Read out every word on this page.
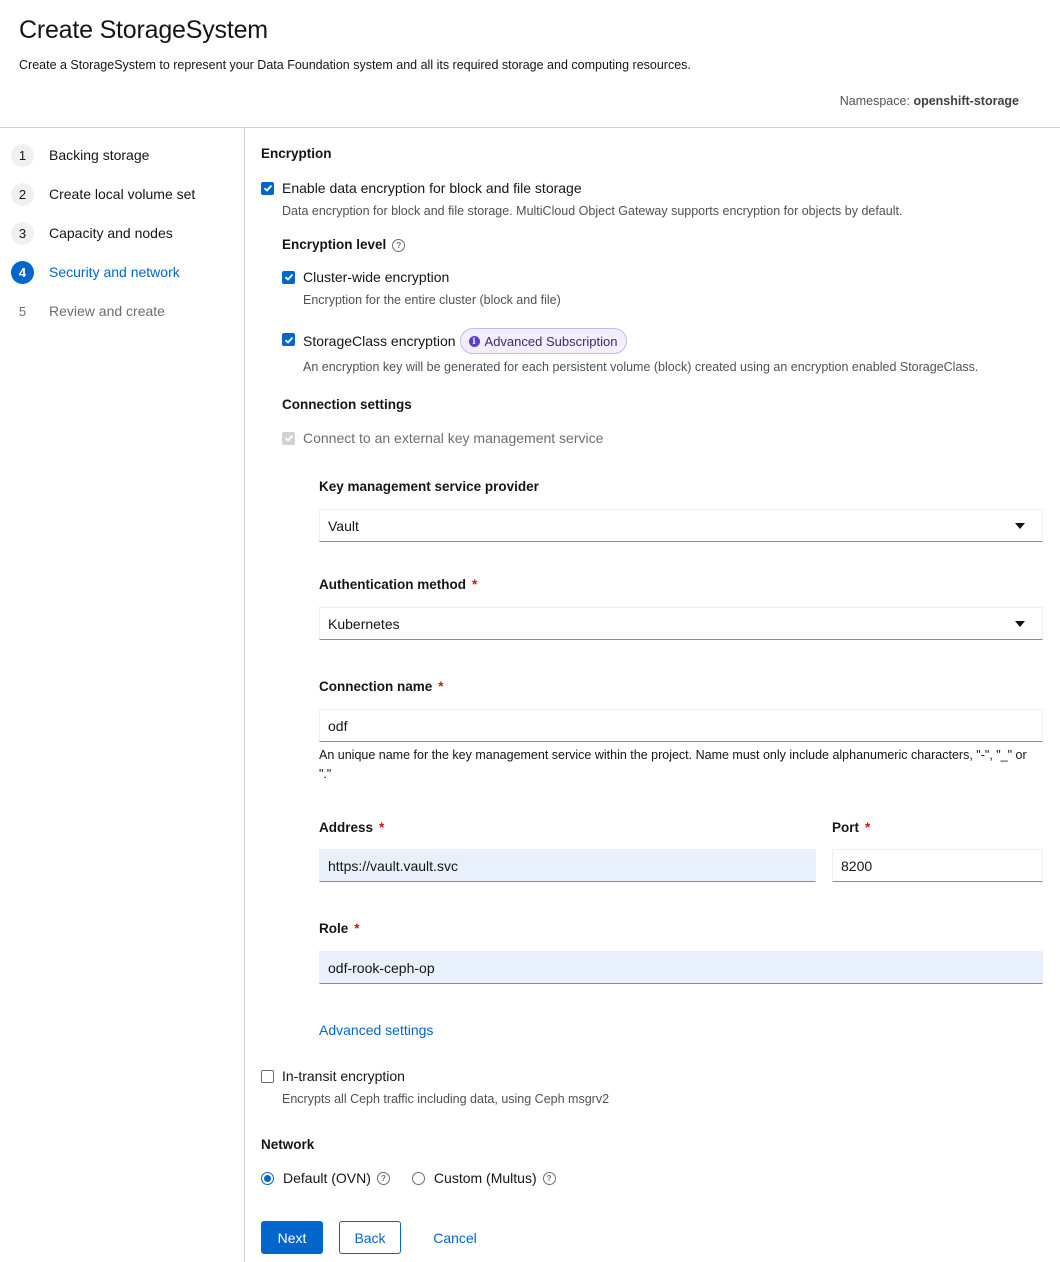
Create StorageSystem
Create a StorageSystem to represent your Data Foundation system and all its required storage and computing resources.
Namespace: openshift-storage
1	Backing storage
2	Create local volume set
3	Capacity and nodes
4	Security and network
5	Review and create
Encryption
Enable data encryption for block and file storage
Data encryption for block and file storage. MultiCloud Object Gateway supports encryption for objects by default.
Encryption level ?
Cluster-wide encryption
Encryption for the entire cluster (block and file)
StorageClass encryption	i Advanced Subscription
An encryption key will be generated for each persistent volume (block) created using an encryption enabled StorageClass.
Connection settings
Connect to an external key management service
Key management service provider
Vault
Authentication method *
Kubernetes
Connection name *
odf
An unique name for the key management service within the project. Name must only include alphanumeric characters, "-", "_" or "."
Address *
https://vault.vault.svc
Port *
8200
Role *
odf-rook-ceph-op
Advanced settings
In-transit encryption
Encrypts all Ceph traffic including data, using Ceph msgrv2
Network
Default (OVN)	?	Custom (Multus)	?
Next	Back	Cancel
